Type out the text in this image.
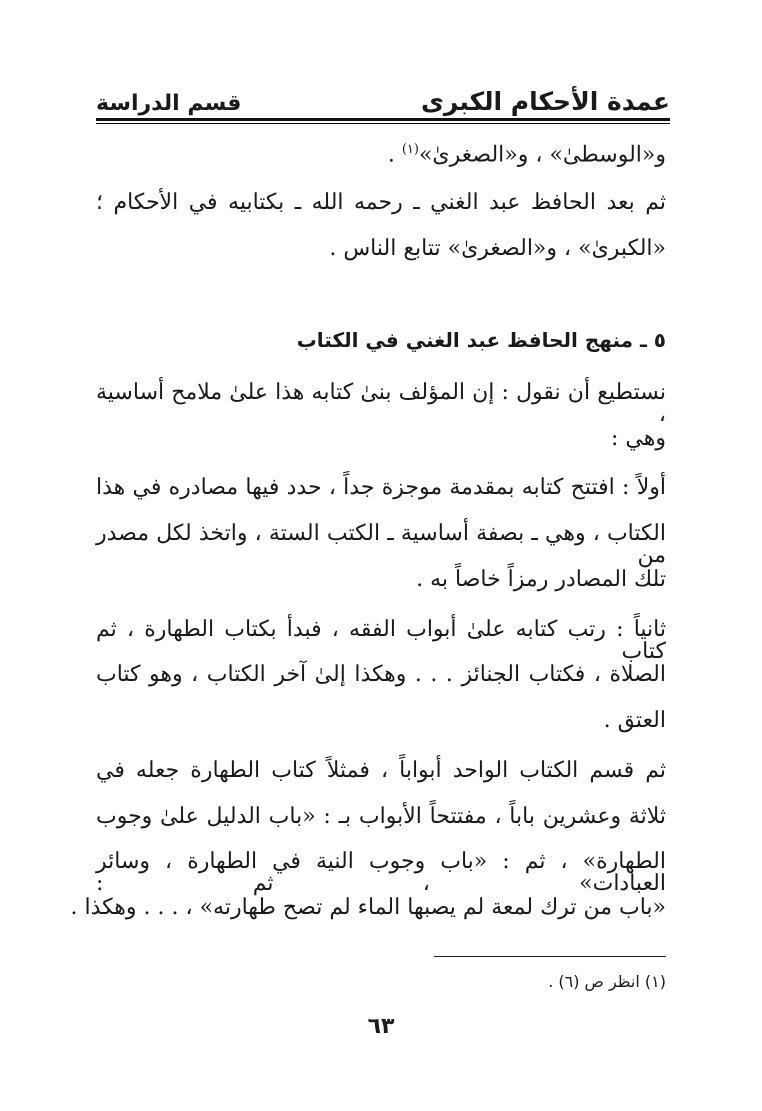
عمدة الأحكام الكبرى
قسم الدراسة
و«الوسطىٰ» ، و«الصغرىٰ»$^{(١)}$ .
ثم بعد الحافظ عبد الغني ـ رحمه الله ـ بكتابيه في الأحكام ؛
«الكبرىٰ» ، و«الصغرىٰ» تتابع الناس .
٥ ـ منهج الحافظ عبد الغني في الكتاب
نستطيع أن نقول : إن المؤلف بنىٰ كتابه هذا علىٰ ملامح أساسية ،
وهي :
أولاً : افتتح كتابه بمقدمة موجزة جداً ، حدد فيها مصادره في هذا
الكتاب ، وهي ـ بصفة أساسية ـ الكتب الستة ، واتخذ لكل مصدر من
تلك المصادر رمزاً خاصاً به .
ثانياً : رتب كتابه علىٰ أبواب الفقه ، فبدأ بكتاب الطهارة ، ثم كتاب
الصلاة ، فكتاب الجنائز . . . وهكذا إلىٰ آخر الكتاب ، وهو كتاب
العتق .
ثم قسم الكتاب الواحد أبواباً ، فمثلاً كتاب الطهارة جعله في
ثلاثة وعشرين باباً ، مفتتحاً الأبواب بـ : «باب الدليل علىٰ وجوب
الطهارة» ، ثم : «باب وجوب النية في الطهارة ، وسائر العبادات» ، ثم :
«باب من ترك لمعة لم يصبها الماء لم تصح طهارته» ، . . . وهكذا .
(١) انظر ص (٦) .
٦٣
